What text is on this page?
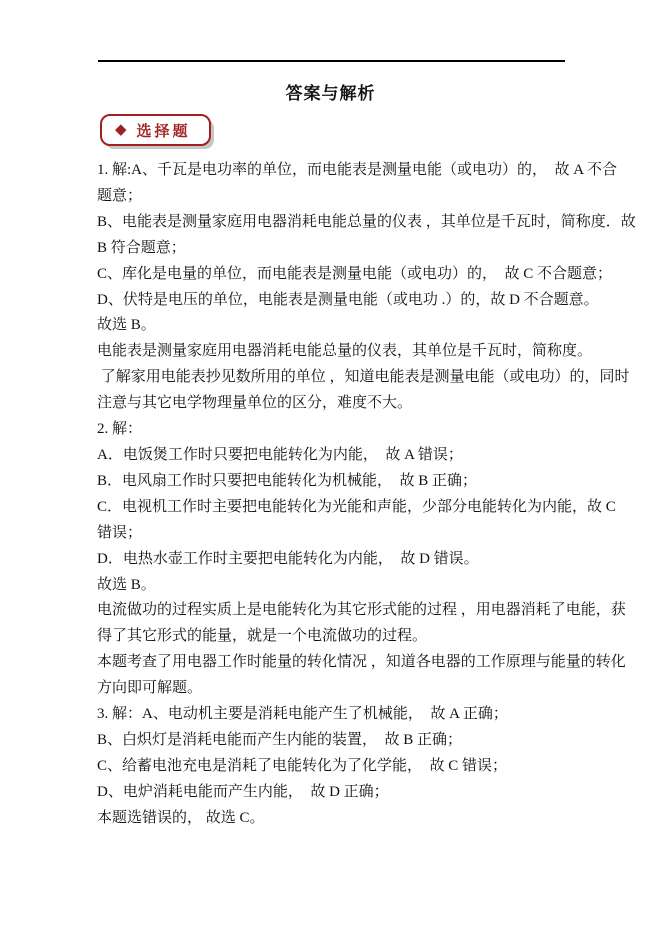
答案与解析
◆ 选择题
1. 解:A、千瓦是电功率的单位，而电能表是测量电能（或电功）的，  故 A 不合
题意；
B、电能表是测量家庭用电器消耗电能总量的仪表 ，其单位是千瓦时，简称度．故
B 符合题意；
C、库化是电量的单位，而电能表是测量电能（或电功）的，  故 C 不合题意；
D、伏特是电压的单位，电能表是测量电能（或电功 .）的，故 D 不合题意。
故选 B。
电能表是测量家庭用电器消耗电能总量的仪表，其单位是千瓦时，简称度。
了解家用电能表抄见数所用的单位 ，知道电能表是测量电能（或电功）的，同时
注意与其它电学物理量单位的区分，难度不大。
2. 解：
A．电饭煲工作时只要把电能转化为内能，  故 A 错误；
B．电风扇工作时只要把电能转化为机械能，  故 B 正确；
C．电视机工作时主要把电能转化为光能和声能，少部分电能转化为内能，故 C
错误；
D．电热水壶工作时主要把电能转化为内能，  故 D 错误。
故选 B。
电流做功的过程实质上是电能转化为其它形式能的过程 ，用电器消耗了电能，获
得了其它形式的能量，就是一个电流做功的过程。
本题考查了用电器工作时能量的转化情况 ，知道各电器的工作原理与能量的转化
方向即可解题。
3. 解：A、电动机主要是消耗电能产生了机械能，  故 A 正确；
B、白炽灯是消耗电能而产生内能的装置，  故 B 正确；
C、给蓄电池充电是消耗了电能转化为了化学能，  故 C 错误；
D、电炉消耗电能而产生内能，  故 D 正确；
本题选错误的， 故选 C。
